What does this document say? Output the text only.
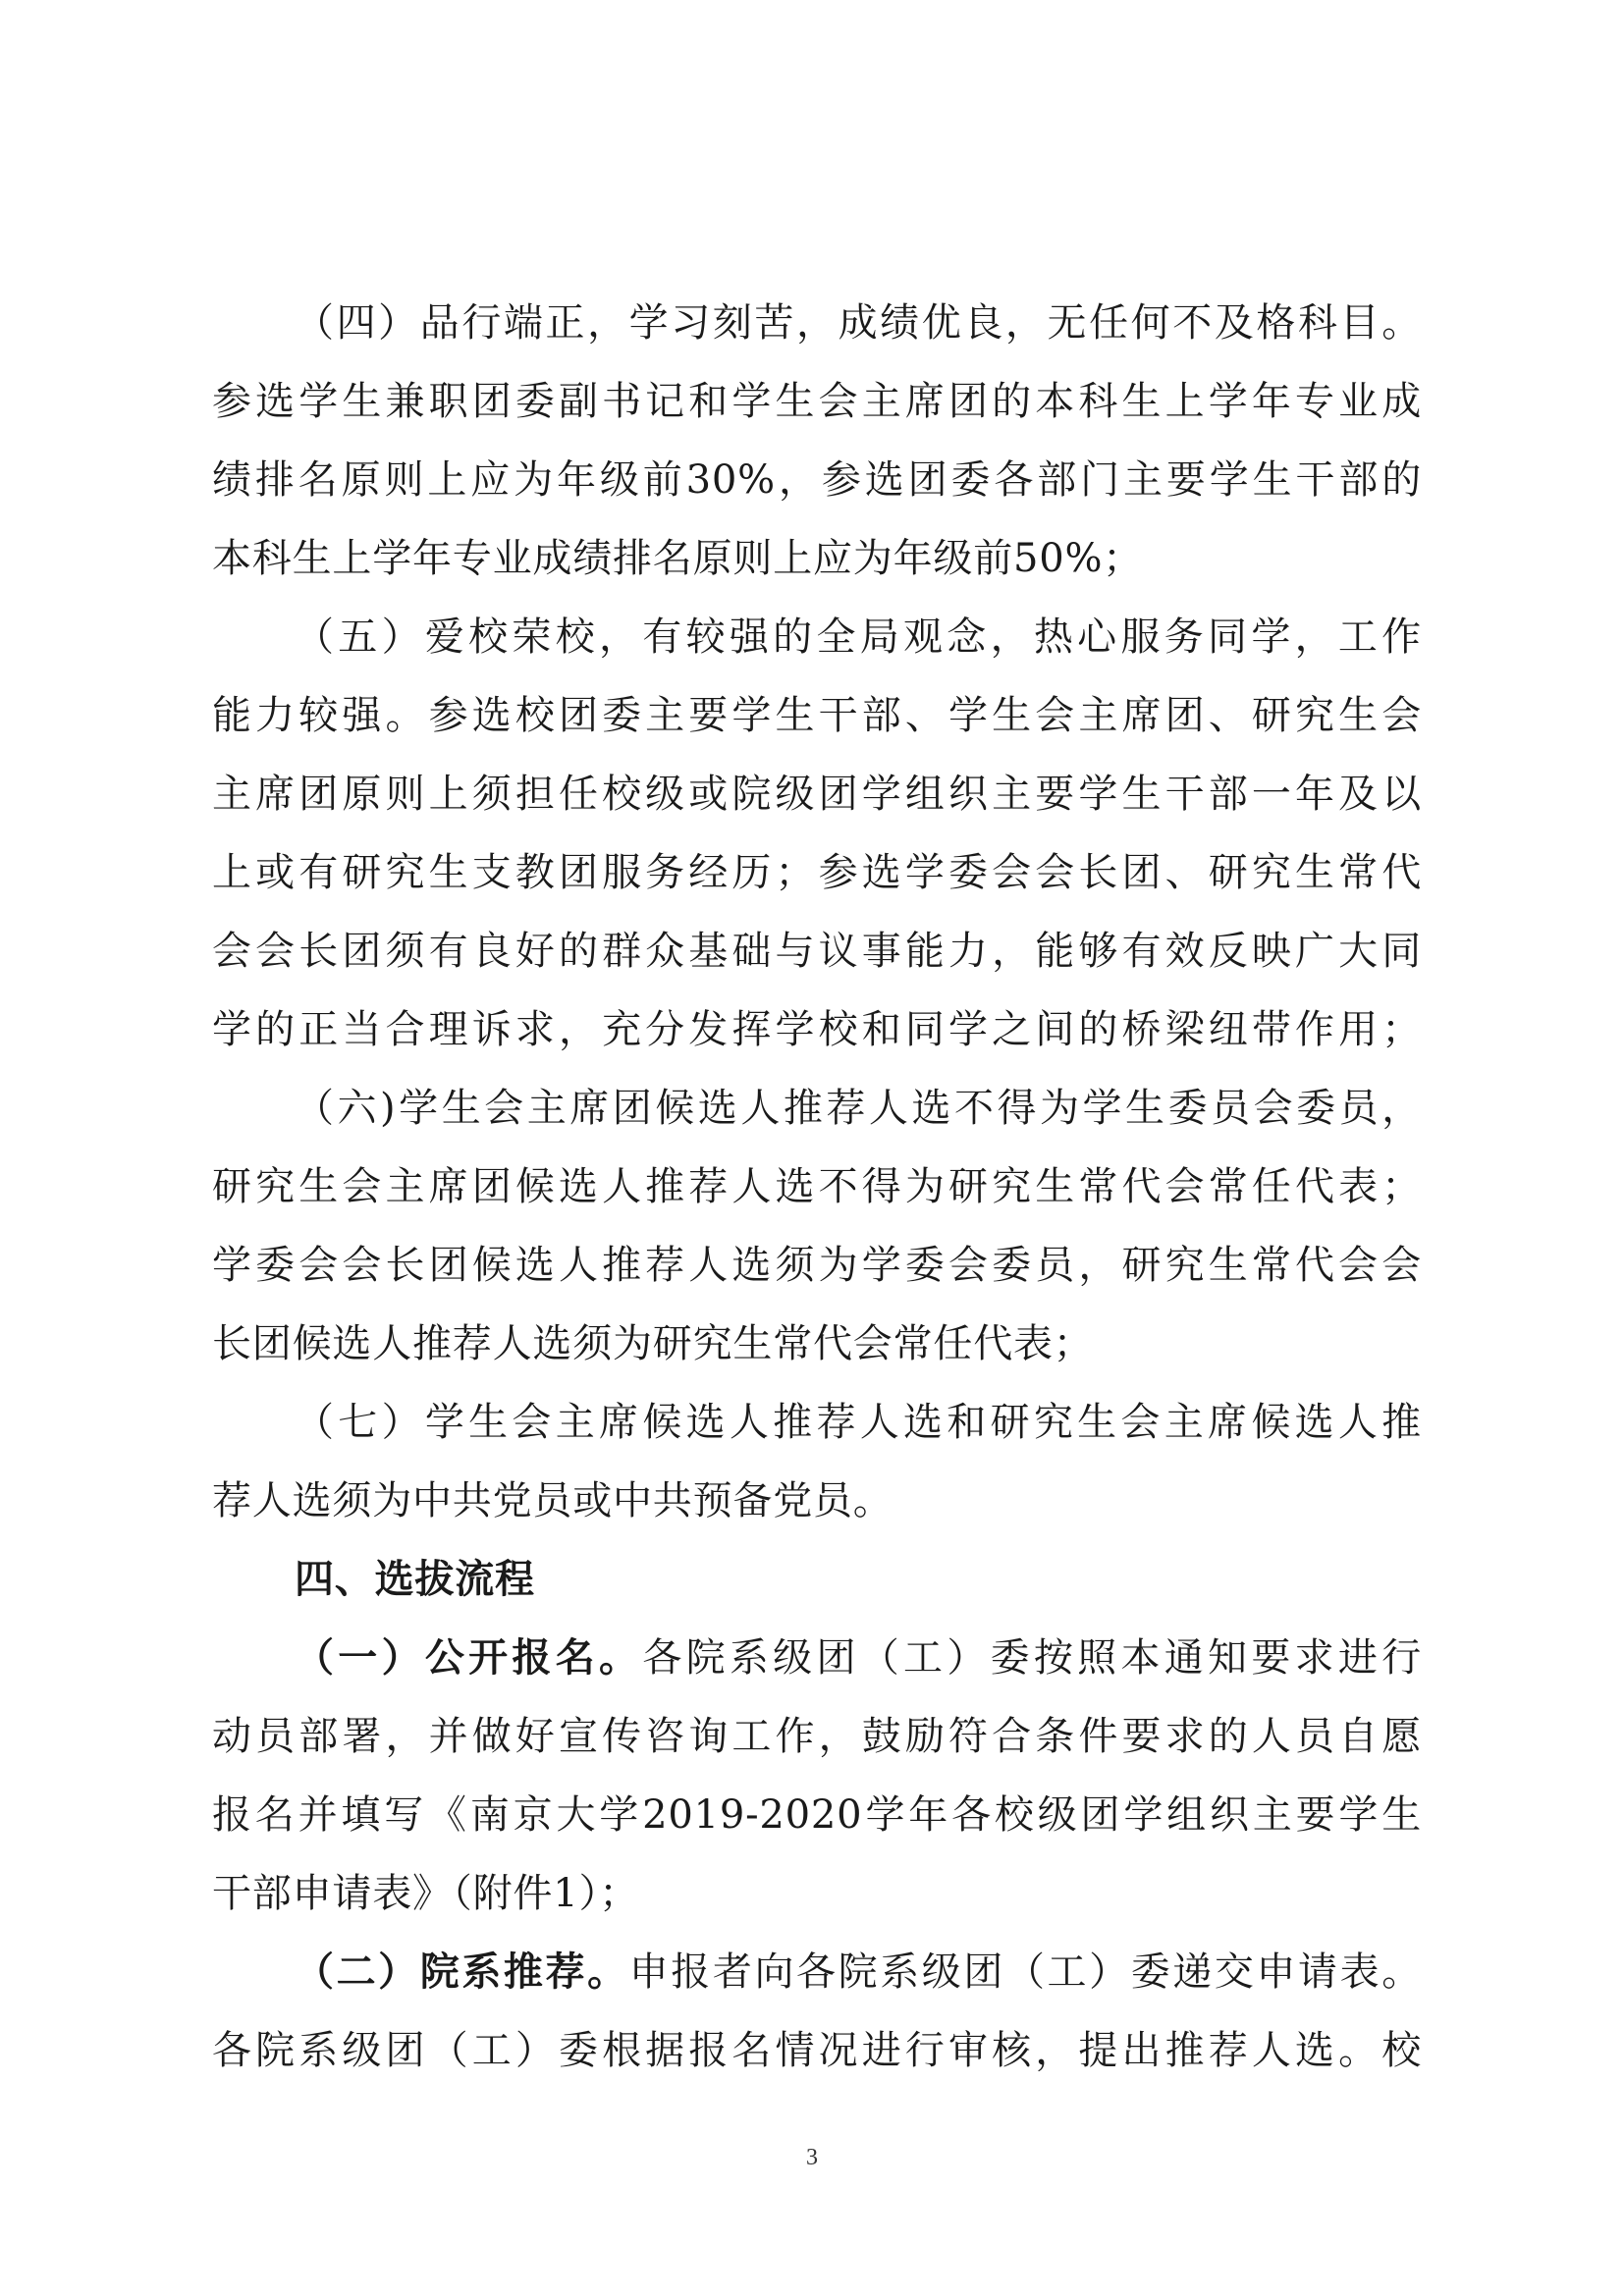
（四）品行端正，学习刻苦，成绩优良，无任何不及格科目。
参选学生兼职团委副书记和学生会主席团的本科生上学年专业成
绩排名原则上应为年级前30%，参选团委各部门主要学生干部的
本科生上学年专业成绩排名原则上应为年级前50%；
（五）爱校荣校，有较强的全局观念，热心服务同学，工作
能力较强。参选校团委主要学生干部、学生会主席团、研究生会
主席团原则上须担任校级或院级团学组织主要学生干部一年及以
上或有研究生支教团服务经历；参选学委会会长团、研究生常代
会会长团须有良好的群众基础与议事能力，能够有效反映广大同
学的正当合理诉求，充分发挥学校和同学之间的桥梁纽带作用；
（六)学生会主席团候选人推荐人选不得为学生委员会委员，
研究生会主席团候选人推荐人选不得为研究生常代会常任代表；
学委会会长团候选人推荐人选须为学委会委员，研究生常代会会
长团候选人推荐人选须为研究生常代会常任代表；
（七）学生会主席候选人推荐人选和研究生会主席候选人推
荐人选须为中共党员或中共预备党员。
四、选拔流程
（一）公开报名。各院系级团（工）委按照本通知要求进行
动员部署，并做好宣传咨询工作，鼓励符合条件要求的人员自愿
报名并填写《南京大学2019-2020学年各校级团学组织主要学生
干部申请表》（附件1）；
（二）院系推荐。申报者向各院系级团（工）委递交申请表。
各院系级团（工）委根据报名情况进行审核，提出推荐人选。校
3
